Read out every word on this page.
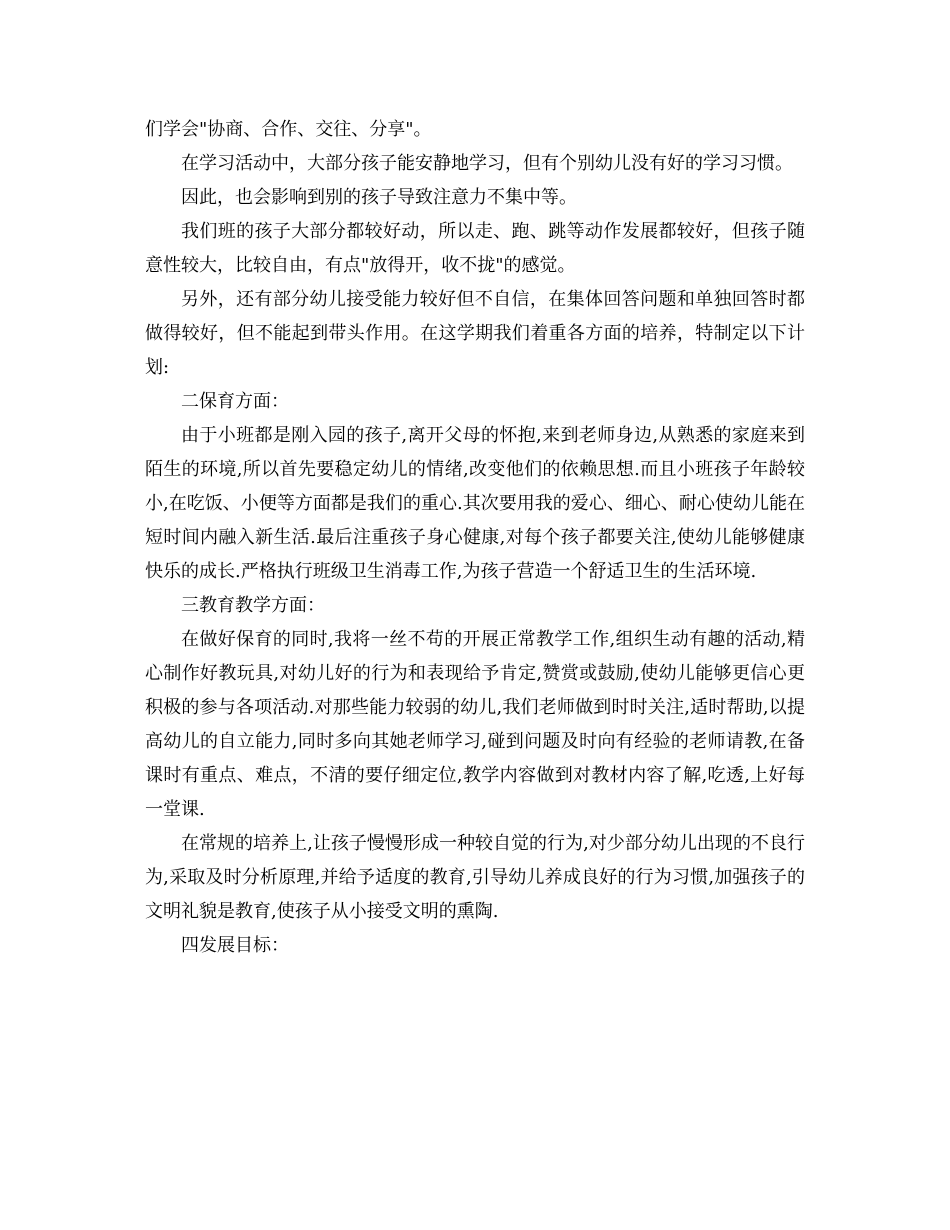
们学会"协商、合作、交往、分享"。

在学习活动中，大部分孩子能安静地学习，但有个别幼儿没有好的学习习惯。

因此，也会影响到别的孩子导致注意力不集中等。

我们班的孩子大部分都较好动，所以走、跑、跳等动作发展都较好，但孩子随意性较大，比较自由，有点"放得开，收不拢"的感觉。

另外，还有部分幼儿接受能力较好但不自信，在集体回答问题和单独回答时都做得较好，但不能起到带头作用。在这学期我们着重各方面的培养，特制定以下计划:

二保育方面：

由于小班都是刚入园的孩子,离开父母的怀抱,来到老师身边,从熟悉的家庭来到陌生的环境,所以首先要稳定幼儿的情绪,改变他们的依赖思想.而且小班孩子年龄较小,在吃饭、小便等方面都是我们的重心.其次要用我的爱心、细心、耐心使幼儿能在短时间内融入新生活.最后注重孩子身心健康,对每个孩子都要关注,使幼儿能够健康快乐的成长.严格执行班级卫生消毒工作,为孩子营造一个舒适卫生的生活环境.

三教育教学方面：

在做好保育的同时,我将一丝不苟的开展正常教学工作,组织生动有趣的活动,精心制作好教玩具,对幼儿好的行为和表现给予肯定,赞赏或鼓励,使幼儿能够更信心更积极的参与各项活动.对那些能力较弱的幼儿,我们老师做到时时关注,适时帮助,以提高幼儿的自立能力,同时多向其她老师学习,碰到问题及时向有经验的老师请教,在备课时有重点、难点，不清的要仔细定位,教学内容做到对教材内容了解,吃透,上好每一堂课.

在常规的培养上,让孩子慢慢形成一种较自觉的行为,对少部分幼儿出现的不良行为,采取及时分析原理,并给予适度的教育,引导幼儿养成良好的行为习惯,加强孩子的文明礼貌是教育,使孩子从小接受文明的熏陶.

四发展目标：
